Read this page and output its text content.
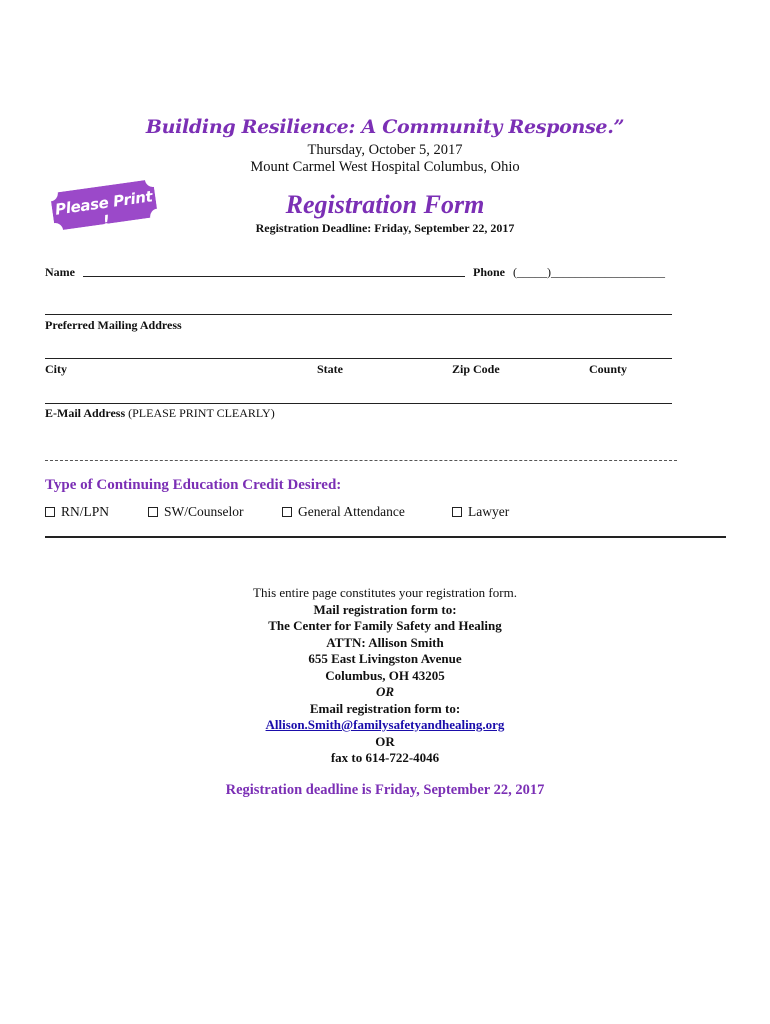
Building Resilience: A Community Response.”
Thursday, October 5, 2017
Mount Carmel West Hospital Columbus, Ohio
Please Print !
Registration Form
Registration Deadline: Friday, September 22, 2017
Name	Phone (_____)___________________
Preferred Mailing Address
City	State	Zip Code	County
E-Mail Address (PLEASE PRINT CLEARLY)
Type of Continuing Education Credit Desired:
RN/LPN	SW/Counselor	General Attendance	Lawyer
This entire page constitutes your registration form.
Mail registration form to:
The Center for Family Safety and Healing
ATTN: Allison Smith
655 East Livingston Avenue
Columbus, OH 43205
OR
Email registration form to:
Allison.Smith@familysafetyandhealing.org
OR
fax to 614-722-4046
Registration deadline is Friday, September 22, 2017
